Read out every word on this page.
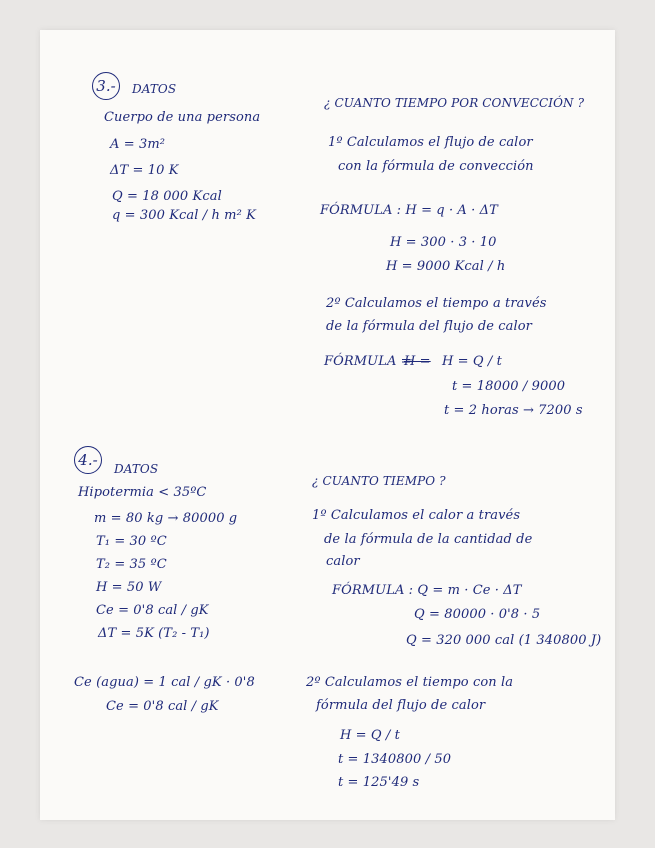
3.-	DATOS
Cuerpo de una persona
A = 3m²
ΔT = 10 K
Q = 18 000 Kcal
q = 300 Kcal / h m² K
¿ CUANTO TIEMPO POR CONVECCIÓN ?
1º Calculamos el flujo de calor
con la fórmula de convección
FÓRMULA : H = q · A · ΔT
H = 300 · 3 · 10
H = 9000 Kcal / h
2º Calculamos el tiempo a través
de la fórmula del flujo de calor
FÓRMULA =
H = H = Q / t
t = 18000 / 9000
t = 2 horas → 7200 s
4.-	DATOS
Hipotermia < 35ºC
m = 80 kg → 80000 g
T₁ = 30 ºC
T₂ = 35 ºC
H = 50 W
Ce = 0'8 cal / gK
ΔT = 5K (T₂ - T₁)
Ce (agua) = 1 cal / gK · 0'8
Ce = 0'8 cal / gK
¿ CUANTO TIEMPO ?
1º Calculamos el calor a través
de la fórmula de la cantidad de
calor
FÓRMULA : Q = m · Ce · ΔT
Q = 80000 · 0'8 · 5
Q = 320 000 cal (1 340800 J)
2º Calculamos el tiempo con la
fórmula del flujo de calor
H = Q / t
t = 1340800 / 50
t = 125'49 s
